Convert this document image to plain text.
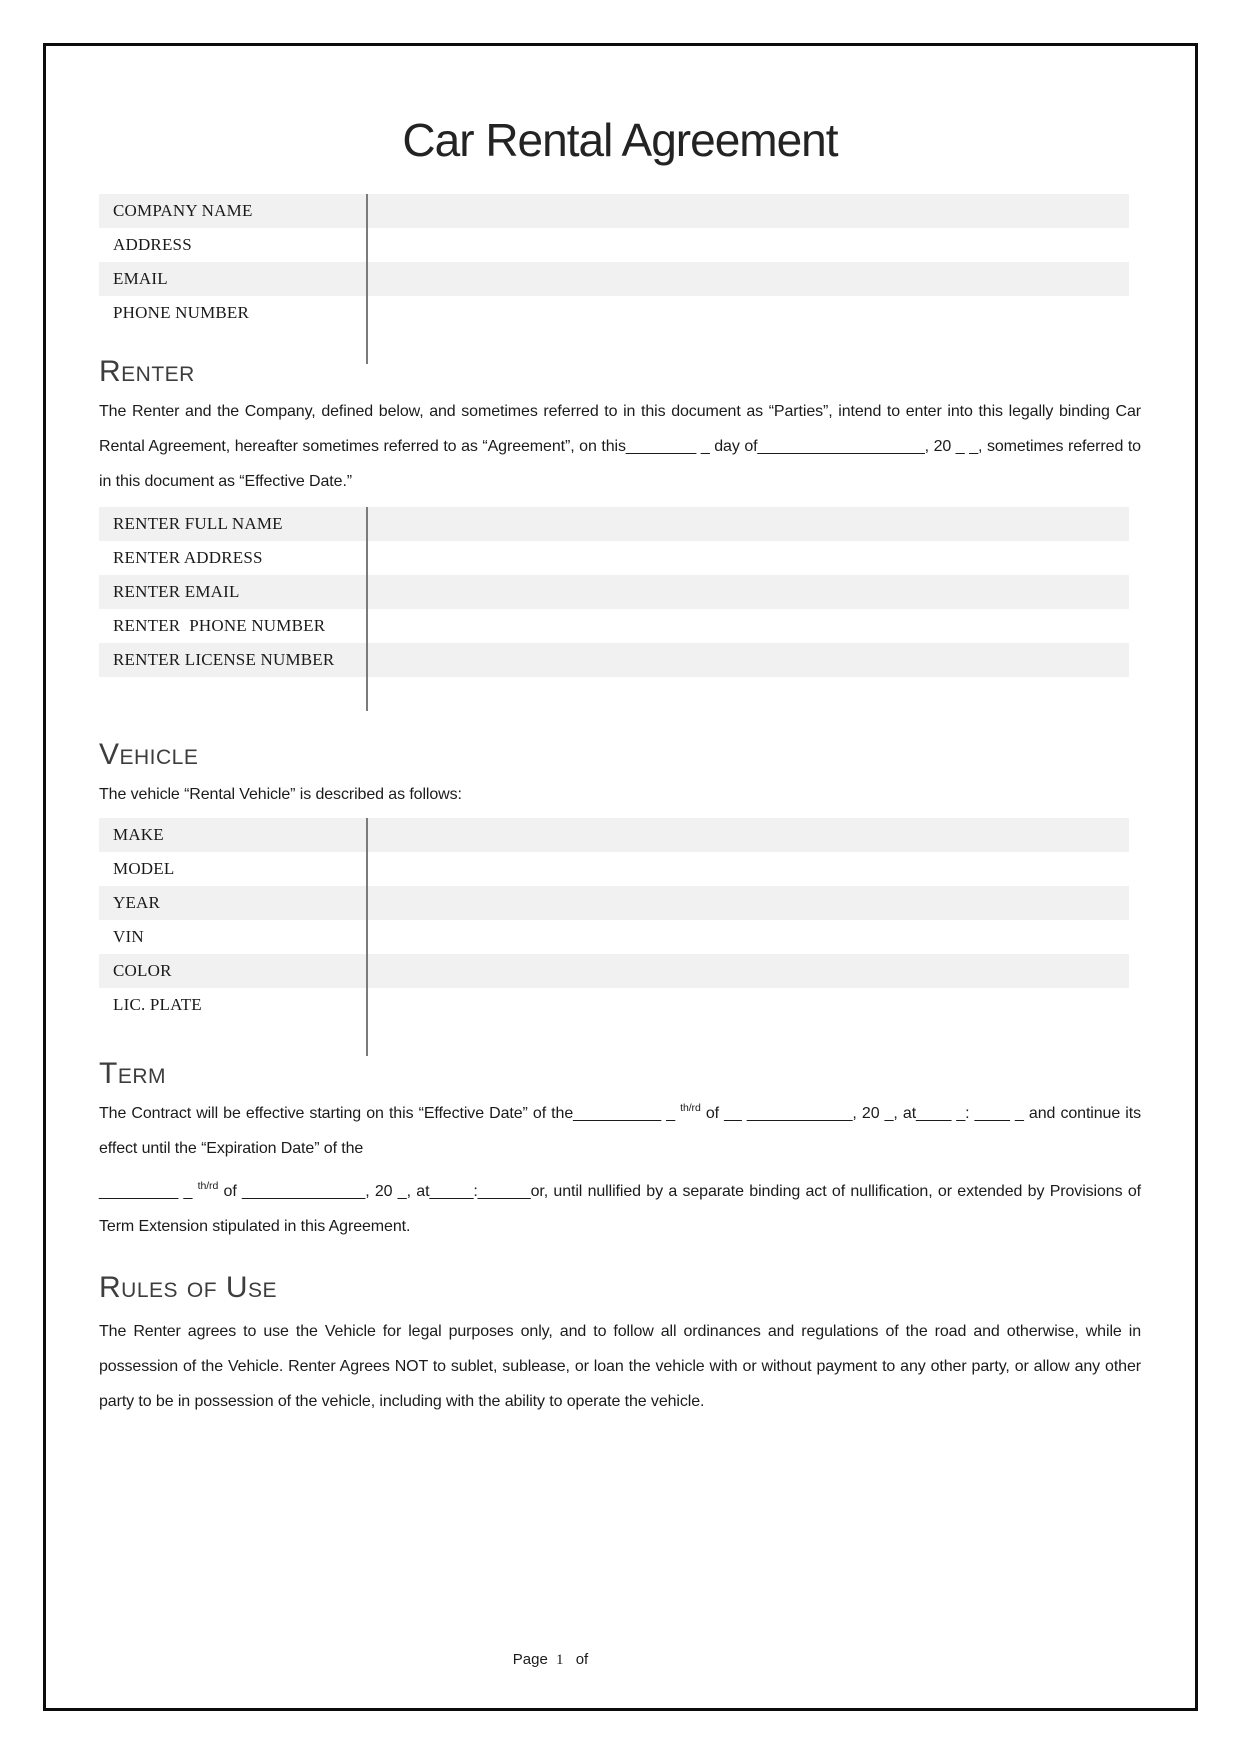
Car Rental Agreement
COMPANY NAME
ADDRESS
EMAIL
PHONE NUMBER
Renter

The Renter and the Company, defined below, and sometimes referred to in this document as “Parties”, intend to enter into this legally binding Car Rental Agreement, hereafter sometimes referred to as “Agreement”, on this________ _ day of___________________, 20 _ _, sometimes referred to in this document as “Effective Date.”

RENTER FULL NAME
RENTER ADDRESS
RENTER EMAIL
RENTER  PHONE NUMBER
RENTER LICENSE NUMBER
Vehicle

The vehicle “Rental Vehicle” is described as follows:

MAKE
MODEL
YEAR
VIN
COLOR
LIC. PLATE
Term

The Contract will be effective starting on this “Effective Date” of the__________ _ $^{th/rd}$ of __ ____________, 20 _, at____ _: ____ _ and continue its effect until the “Expiration Date” of the

_________ _ $^{th/rd}$ of ______________, 20 _, at_____:______or, until nullified by a separate binding act of nullification, or extended by Provisions of Term Extension stipulated in this Agreement.

Rules of Use

The Renter agrees to use the Vehicle for legal purposes only, and to follow all ordinances and regulations of the road and otherwise, while in possession of the Vehicle. Renter Agrees NOT to sublet, sublease, or loan the vehicle with or without payment to any other party, or allow any other party to be in possession of the vehicle, including with the ability to operate the vehicle.

Page 1 of
